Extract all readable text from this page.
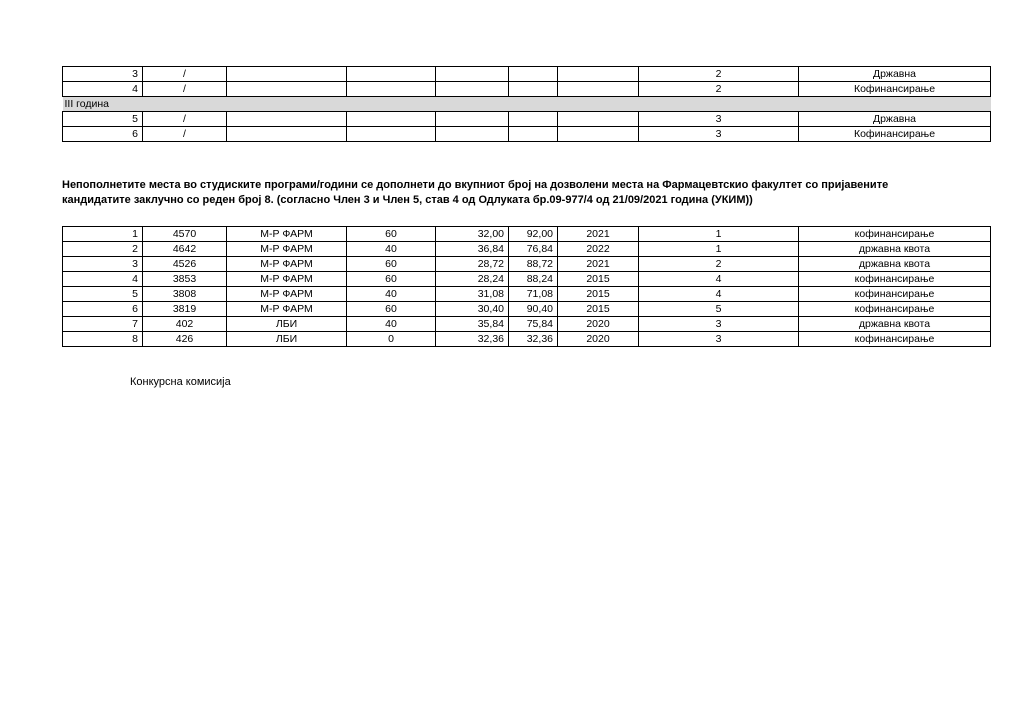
3	/						2	Државна
4	/						2	Кофинансирање
III година								
5	/						3	Државна
6	/						3	Кофинансирање
Непополнетите места во студиските програми/години се дополнети до вкупниот број на дозволени места на Фармацевтскио факултет со пријавените кандидатите заклучно со реден број 8. (согласно Член 3 и Член 5, став 4 од Одлуката бр.09-977/4 од 21/09/2021 година (УКИМ))
1	4570	М-Р ФАРМ	60	32,00	92,00	2021	1	кофинансирање
2	4642	М-Р ФАРМ	40	36,84	76,84	2022	1	државна квота
3	4526	М-Р ФАРМ	60	28,72	88,72	2021	2	државна квота
4	3853	М-Р ФАРМ	60	28,24	88,24	2015	4	кофинансирање
5	3808	М-Р ФАРМ	40	31,08	71,08	2015	4	кофинансирање
6	3819	М-Р ФАРМ	60	30,40	90,40	2015	5	кофинансирање
7	402	ЛБИ	40	35,84	75,84	2020	3	државна квота
8	426	ЛБИ	0	32,36	32,36	2020	3	кофинансирање
Конкурсна комисија
